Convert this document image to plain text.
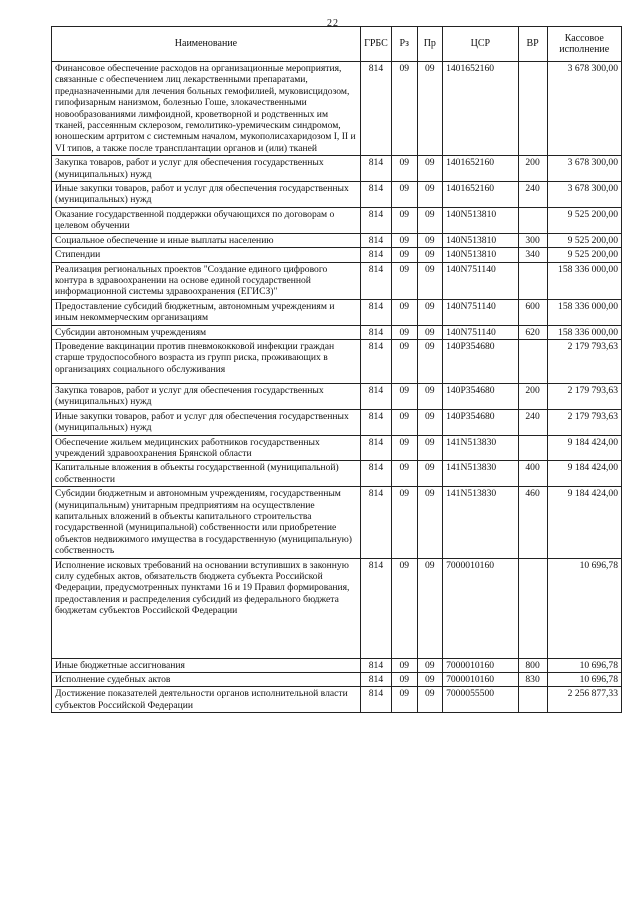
22
Наименование	ГРБС	Рз	Пр	ЦСР	ВР	Кассовое исполнение
Финансовое обеспечение расходов на организационные мероприятия, связанные с обеспечением лиц лекарственными препаратами, предназначенными для лечения больных гемофилией, муковисцидозом, гипофизарным нанизмом, болезнью Гоше, злокачественными новообразованиями лимфоидной, кроветворной и родственных им тканей, рассеянным склерозом, гемолитико-уремическим синдромом, юношеским артритом с системным началом, мукополисахаридозом I, II и VI типов, а также после трансплантации органов и (или) тканей	814	09	09	1401652160		3 678 300,00
Закупка товаров, работ и услуг для обеспечения государственных (муниципальных) нужд	814	09	09	1401652160	200	3 678 300,00
Иные закупки товаров, работ и услуг для обеспечения государственных (муниципальных) нужд	814	09	09	1401652160	240	3 678 300,00
Оказание государственной поддержки обучающихся по договорам о целевом обучении	814	09	09	140N513810		9 525 200,00
Социальное обеспечение и иные выплаты населению	814	09	09	140N513810	300	9 525 200,00
Стипендии	814	09	09	140N513810	340	9 525 200,00
Реализация региональных проектов "Создание единого цифрового контура в здравоохранении на основе единой государственной информационной системы здравоохранения (ЕГИСЗ)"	814	09	09	140N751140		158 336 000,00
Предоставление субсидий бюджетным, автономным учреждениям и иным некоммерческим организациям	814	09	09	140N751140	600	158 336 000,00
Субсидии автономным учреждениям	814	09	09	140N751140	620	158 336 000,00
Проведение вакцинации против пневмококковой инфекции граждан старше трудоспособного возраста из групп риска, проживающих в организациях социального обслуживания	814	09	09	140P354680		2 179 793,63
Закупка товаров, работ и услуг для обеспечения государственных (муниципальных) нужд	814	09	09	140P354680	200	2 179 793,63
Иные закупки товаров, работ и услуг для обеспечения государственных (муниципальных) нужд	814	09	09	140P354680	240	2 179 793,63
Обеспечение жильем медицинских работников государственных учреждений здравоохранения Брянской области	814	09	09	141N513830		9 184 424,00
Капитальные вложения в объекты государственной (муниципальной) собственности	814	09	09	141N513830	400	9 184 424,00
Субсидии бюджетным и автономным учреждениям, государственным (муниципальным) унитарным предприятиям на осуществление капитальных вложений в объекты капитального строительства государственной (муниципальной) собственности или приобретение объектов недвижимого имущества в государственную (муниципальную) собственность	814	09	09	141N513830	460	9 184 424,00
Исполнение исковых требований на основании вступивших в законную силу судебных актов, обязательств бюджета субъекта Российской Федерации, предусмотренных пунктами 16 и 19 Правил формирования, предоставления и распределения субсидий из федерального бюджета бюджетам субъектов Российской Федерации	814	09	09	7000010160		10 696,78
Иные бюджетные ассигнования	814	09	09	7000010160	800	10 696,78
Исполнение судебных актов	814	09	09	7000010160	830	10 696,78
Достижение показателей деятельности органов исполнительной власти субъектов Российской Федерации	814	09	09	7000055500		2 256 877,33
